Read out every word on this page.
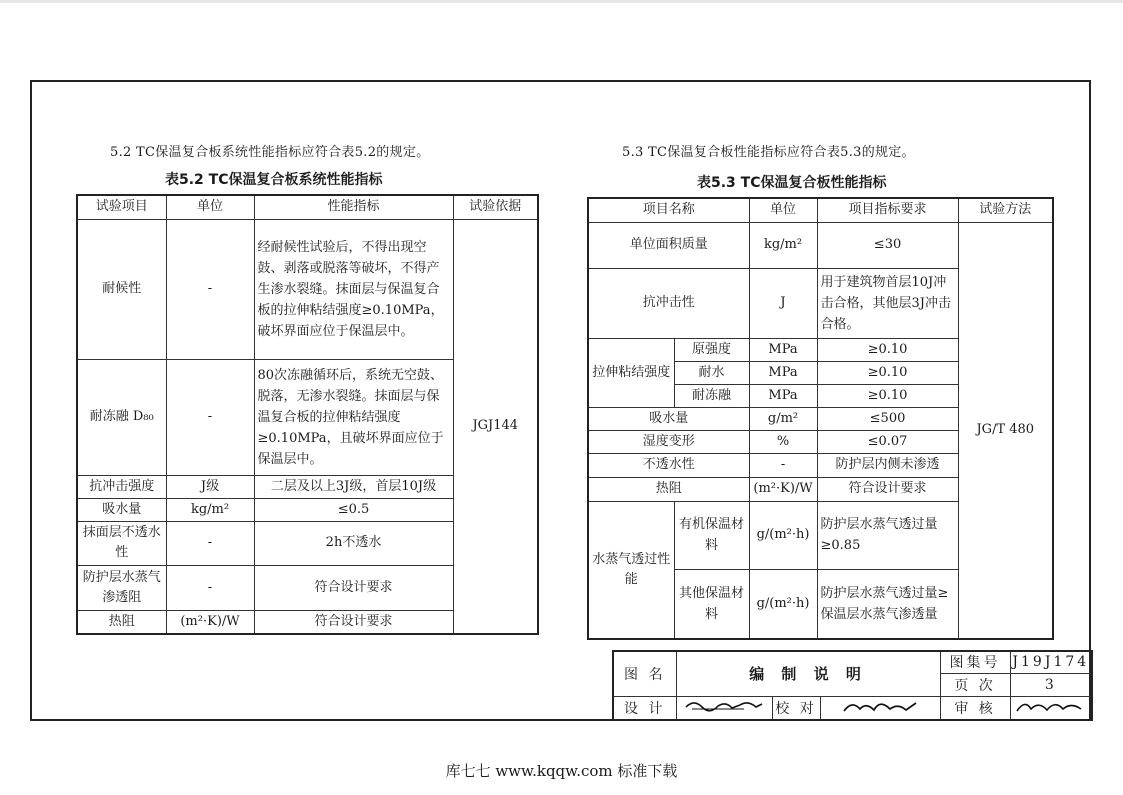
5.2 TC保温复合板系统性能指标应符合表5.2的规定。
表5.2 TC保温复合板系统性能指标
试验项目	单位	性能指标	试验依据
耐候性	-	经耐候性试验后，不得出现空鼓、剥落或脱落等破坏，不得产生渗水裂缝。抹面层与保温复合板的拉伸粘结强度≥0.10MPa，破坏界面应位于保温层中。	JGJ144
耐冻融 D₈₀	-	80次冻融循环后，系统无空鼓、脱落，无渗水裂缝。抹面层与保温复合板的拉伸粘结强度≥0.10MPa，且破坏界面应位于保温层中。	
抗冲击强度	J级	二层及以上3J级，首层10J级	
吸水量	kg/m²	≤0.5	
抹面层不透水性	-	2h不透水	
防护层水蒸气渗透阻	-	符合设计要求	
热阻	(m²·K)/W	符合设计要求	
5.3 TC保温复合板性能指标应符合表5.3的规定。
表5.3 TC保温复合板性能指标
项目名称		单位	项目指标要求	试验方法
单位面积质量		kg/m²	≤30	JG/T 480
抗冲击性		J	用于建筑物首层10J冲击合格，其他层3J冲击合格。	
拉伸粘结强度	原强度	MPa	≥0.10	
	耐水	MPa	≥0.10	
	耐冻融	MPa	≥0.10	
吸水量		g/m²	≤500	
湿度变形		%	≤0.07	
不透水性		-	防护层内侧未渗透	
热阻		(m²·K)/W	符合设计要求	
水蒸气透过性能	有机保温材料	g/(m²·h)	防护层水蒸气透过量≥0.85	
	其他保温材料	g/(m²·h)	防护层水蒸气透过量≥保温层水蒸气渗透量	
图 名	编 制 说 明			图集号	J19J174
				页 次	3
设 计		校 对		审 核	
库七七 www.kqqw.com 标准下载
